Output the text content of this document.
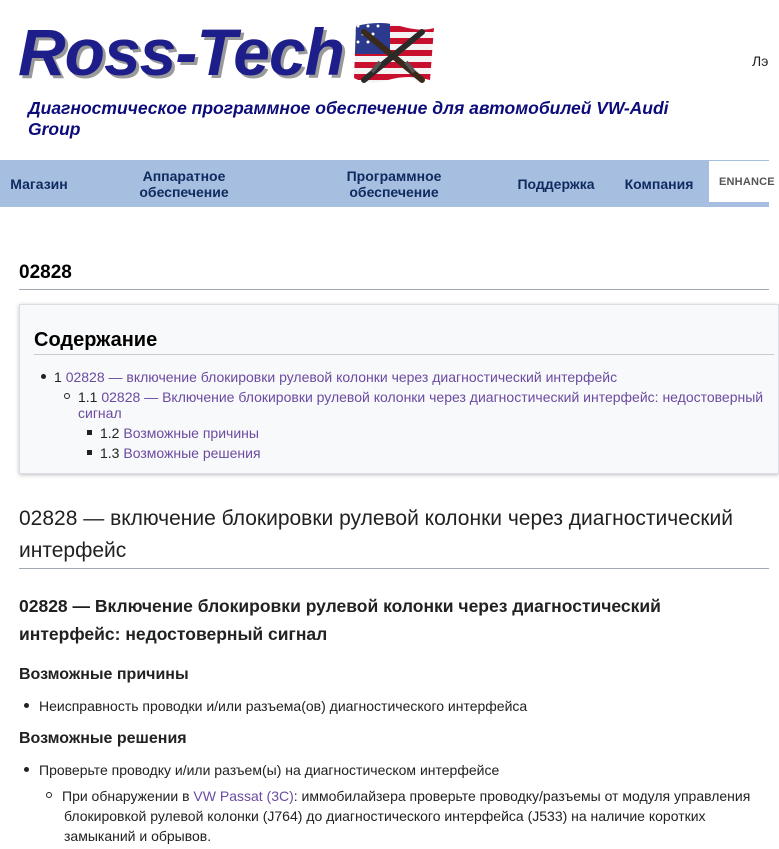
Ross-Tech
Диагностическое программное обеспечение для автомобилей VW-Audi Group
Лэ
Магазин	Аппаратное обеспечение
Программное обеспечение	Поддержка	Компания	ENHANCE
02828
Содержание
1 02828 — включение блокировки рулевой колонки через диагностический интерфейс
1.1 02828 — Включение блокировки рулевой колонки через диагностический интерфейс: недостоверный
сигнал
1.2 Возможные причины
1.3 Возможные решения
02828 — включение блокировки рулевой колонки через диагностический интерфейс
02828 — Включение блокировки рулевой колонки через диагностический интерфейс: недостоверный сигнал
Возможные причины
Неисправность проводки и/или разъема(ов) диагностического интерфейса
Возможные решения
Проверьте проводку и/или разъем(ы) на диагностическом интерфейсе
При обнаружении в VW Passat (3C): иммобилайзера проверьте проводку/разъемы от модуля управления
блокировкой рулевой колонки (J764) до диагностического интерфейса (J533) на наличие коротких
замыканий и обрывов.
